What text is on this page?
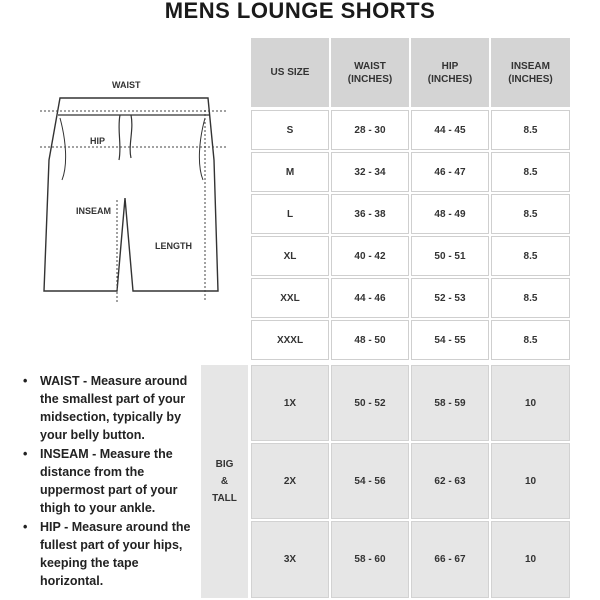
MENS LOUNGE SHORTS
WAIST
HIP
INSEAM
LENGTH
US SIZE
WAIST
(INCHES)
HIP
(INCHES)
INSEAM
(INCHES)
S	28 - 30	44 - 45	8.5
M	32 - 34	46 - 47	8.5
L	36 - 38	48 - 49	8.5
XL	40 - 42	50 - 51	8.5
XXL	44 - 46	52 - 53	8.5
XXXL	48 - 50	54 - 55	8.5
BIG
&
TALL
1X	50 - 52	58 - 59	10
2X	54 - 56	62 - 63	10
3X	58 - 60	66 - 67	10
• WAIST - Measure around the smallest part of your midsection, typically by your belly button.
• INSEAM - Measure the distance from the uppermost part of your thigh to your ankle.
• HIP - Measure around the fullest part of your hips, keeping the tape horizontal.
